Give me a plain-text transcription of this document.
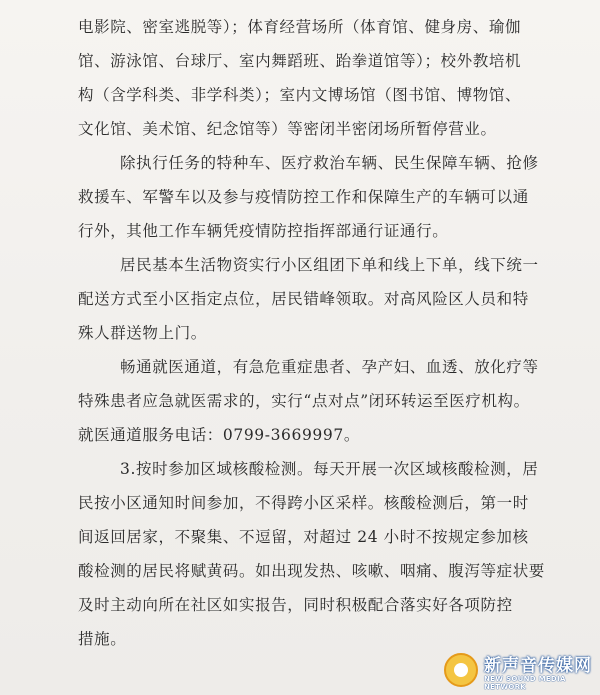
电影院、密室逃脱等）；体育经营场所（体育馆、健身房、瑜伽

馆、游泳馆、台球厅、室内舞蹈班、跆拳道馆等）；校外教培机

构（含学科类、非学科类）；室内文博场馆（图书馆、博物馆、

文化馆、美术馆、纪念馆等）等密闭半密闭场所暂停营业。

除执行任务的特种车、医疗救治车辆、民生保障车辆、抢修

救援车、军警车以及参与疫情防控工作和保障生产的车辆可以通

行外，其他工作车辆凭疫情防控指挥部通行证通行。

居民基本生活物资实行小区组团下单和线上下单，线下统一

配送方式至小区指定点位，居民错峰领取。对高风险区人员和特

殊人群送物上门。

畅通就医通道，有急危重症患者、孕产妇、血透、放化疗等

特殊患者应急就医需求的，实行“点对点”闭环转运至医疗机构。

就医通道服务电话：0799-3669997。

3.按时参加区域核酸检测。每天开展一次区域核酸检测，居

民按小区通知时间参加，不得跨小区采样。核酸检测后，第一时

间返回居家，不聚集、不逗留，对超过 24 小时不按规定参加核

酸检测的居民将赋黄码。如出现发热、咳嗽、咽痛、腹泻等症状要

及时主动向所在社区如实报告，同时积极配合落实好各项防控

措施。

新声音传媒网
NEW SOUND MEDIA NETWORK
